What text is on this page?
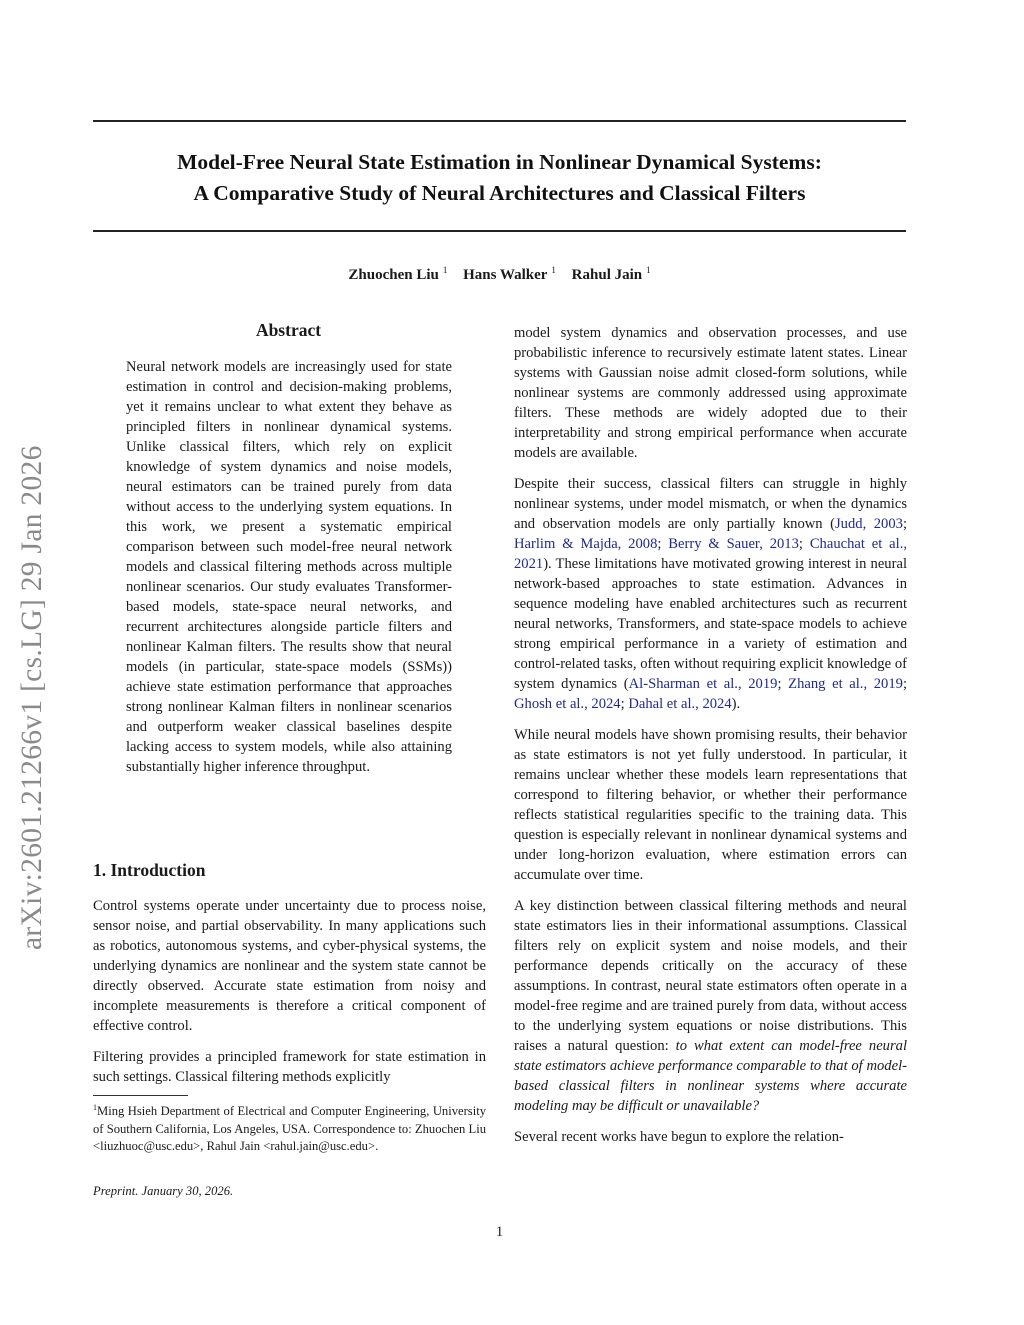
Model-Free Neural State Estimation in Nonlinear Dynamical Systems:
A Comparative Study of Neural Architectures and Classical Filters
Zhuochen Liu $^1$ Hans Walker $^1$ Rahul Jain $^1$
arXiv:2601.21266v1 [cs.LG] 29 Jan 2026
Abstract
Neural network models are increasingly used for state estimation in control and decision-making problems, yet it remains unclear to what extent they behave as principled filters in nonlinear dynamical systems. Unlike classical filters, which rely on explicit knowledge of system dynamics and noise models, neural estimators can be trained purely from data without access to the underlying system equations. In this work, we present a systematic empirical comparison between such model-free neural network models and classical filtering methods across multiple nonlinear scenarios. Our study evaluates Transformer-based models, state-space neural networks, and recurrent architectures alongside particle filters and nonlinear Kalman filters. The results show that neural models (in particular, state-space models (SSMs)) achieve state estimation performance that approaches strong nonlinear Kalman filters in nonlinear scenarios and outperform weaker classical baselines despite lacking access to system models, while also attaining substantially higher inference throughput.
1. Introduction

Control systems operate under uncertainty due to process noise, sensor noise, and partial observability. In many applications such as robotics, autonomous systems, and cyber-physical systems, the underlying dynamics are nonlinear and the system state cannot be directly observed. Accurate state estimation from noisy and incomplete measurements is therefore a critical component of effective control.

Filtering provides a principled framework for state estimation in such settings. Classical filtering methods explicitly

$^1$Ming Hsieh Department of Electrical and Computer Engineering, University of Southern California, Los Angeles, USA. Correspondence to: Zhuochen Liu <liuzhuoc@usc.edu>, Rahul Jain <rahul.jain@usc.edu>.
Preprint. January 30, 2026.

model system dynamics and observation processes, and use probabilistic inference to recursively estimate latent states. Linear systems with Gaussian noise admit closed-form solutions, while nonlinear systems are commonly addressed using approximate filters. These methods are widely adopted due to their interpretability and strong empirical performance when accurate models are available.

Despite their success, classical filters can struggle in highly nonlinear systems, under model mismatch, or when the dynamics and observation models are only partially known (Judd, 2003; Harlim & Majda, 2008; Berry & Sauer, 2013; Chauchat et al., 2021). These limitations have motivated growing interest in neural network-based approaches to state estimation. Advances in sequence modeling have enabled architectures such as recurrent neural networks, Transformers, and state-space models to achieve strong empirical performance in a variety of estimation and control-related tasks, often without requiring explicit knowledge of system dynamics (Al-Sharman et al., 2019; Zhang et al., 2019; Ghosh et al., 2024; Dahal et al., 2024).

While neural models have shown promising results, their behavior as state estimators is not yet fully understood. In particular, it remains unclear whether these models learn representations that correspond to filtering behavior, or whether their performance reflects statistical regularities specific to the training data. This question is especially relevant in nonlinear dynamical systems and under long-horizon evaluation, where estimation errors can accumulate over time.

A key distinction between classical filtering methods and neural state estimators lies in their informational assumptions. Classical filters rely on explicit system and noise models, and their performance depends critically on the accuracy of these assumptions. In contrast, neural state estimators often operate in a model-free regime and are trained purely from data, without access to the underlying system equations or noise distributions. This raises a natural question: to what extent can model-free neural state estimators achieve performance comparable to that of model-based classical filters in nonlinear systems where accurate modeling may be difficult or unavailable?

Several recent works have begun to explore the relation-

1
